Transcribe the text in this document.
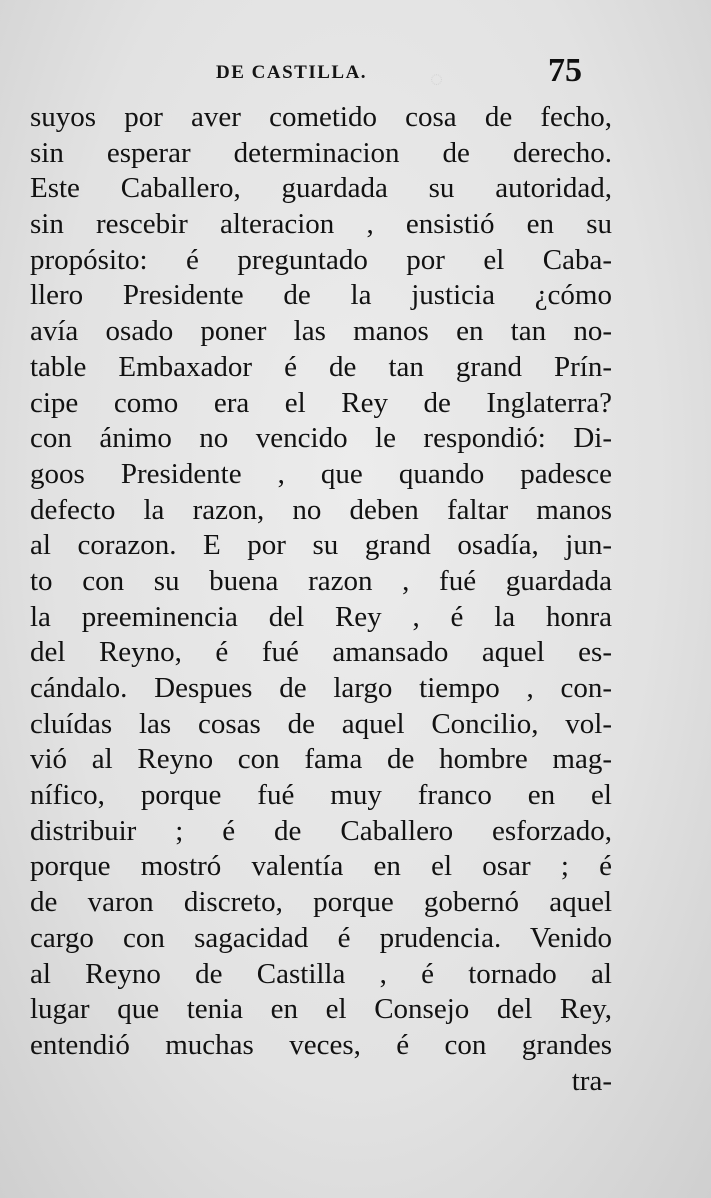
◌
DE CASTILLA.	75
suyos por aver cometido cosa de fecho,
sin esperar determinacion de derecho.
Este Caballero, guardada su autoridad,
sin rescebir alteracion , ensistió en su
propósito: é preguntado por el Caba-
llero Presidente de la justicia ¿cómo
avía osado poner las manos en tan no-
table Embaxador é de tan grand Prín-
cipe como era el Rey de Inglaterra?
con ánimo no vencido le respondió: Di-
goos Presidente , que quando padesce
defecto la razon, no deben faltar manos
al corazon. E por su grand osadía, jun-
to con su buena razon , fué guardada
la preeminencia del Rey , é la honra
del Reyno, é fué amansado aquel es-
cándalo. Despues de largo tiempo , con-
cluídas las cosas de aquel Concilio, vol-
vió al Reyno con fama de hombre mag-
nífico, porque fué muy franco en el
distribuir ; é de Caballero esforzado,
porque mostró valentía en el osar ; é
de varon discreto, porque gobernó aquel
cargo con sagacidad é prudencia. Venido
al Reyno de Castilla , é tornado al
lugar que tenia en el Consejo del Rey,
entendió muchas veces, é con grandes
tra-
